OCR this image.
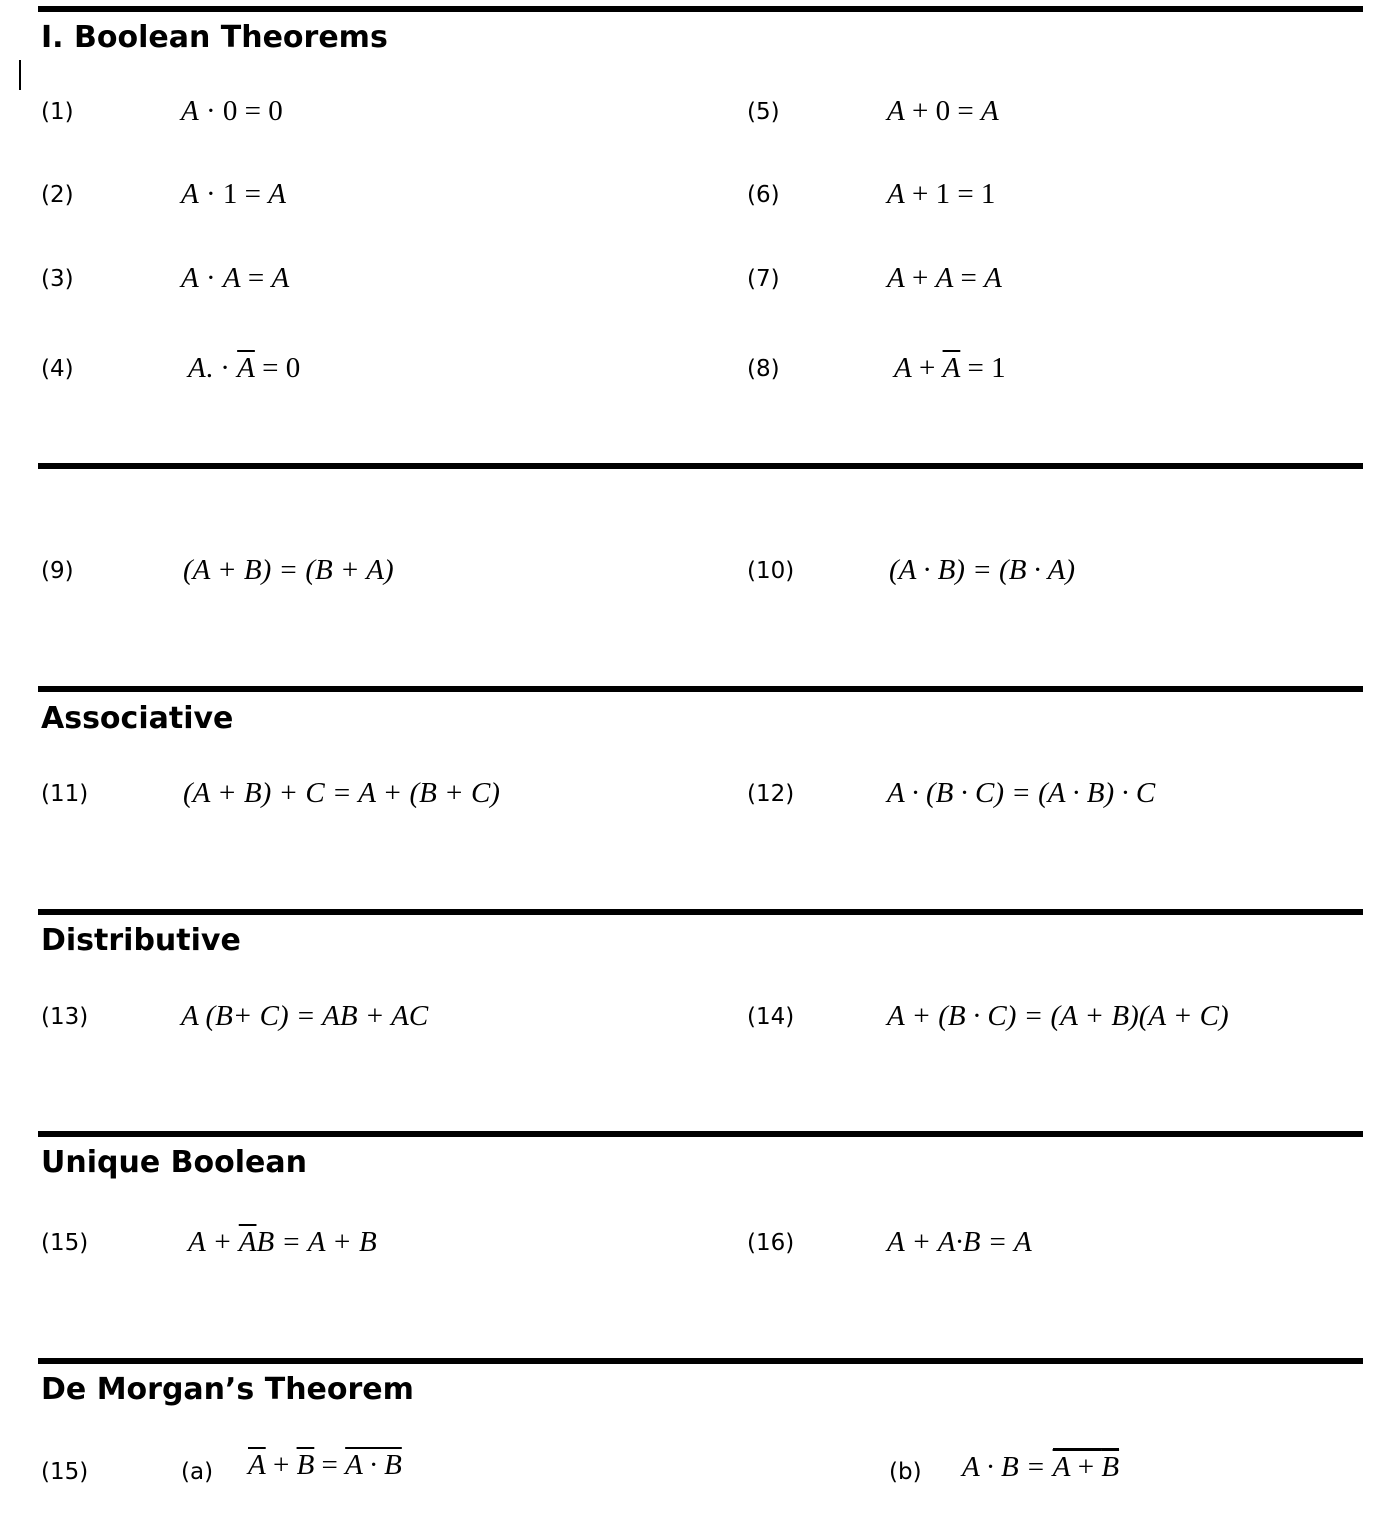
I. Boolean Theorems
Associative
Distributive
Unique Boolean
De Morgan’s Theorem
(1)	A · 0 = 0	(5)	A + 0 = A
(2)	A · 1 = A	(6)	A + 1 = 1
(3)	A · A = A	(7)	A + A = A
(4)	A. · $\overline{A} = 0$	(8)	$A + \overline{A} = 1$
(9)	(A + B) = (B + A)	(10)	(A · B) = (B · A)
(11)	(A + B) + C = A + (B + C)	(12)	A · (B · C) = (A · B) · C
(13)	A (B+ C) = AB + AC	(14)	A + (B · C) = (A + B)(A + C)
(15)	$A + \overline{A}B = A + B$	(16)	A + A·B = A
(15)	(a) $\overline{A} + \overline{B} = A \cdot B$	(b) A · B = A + B
